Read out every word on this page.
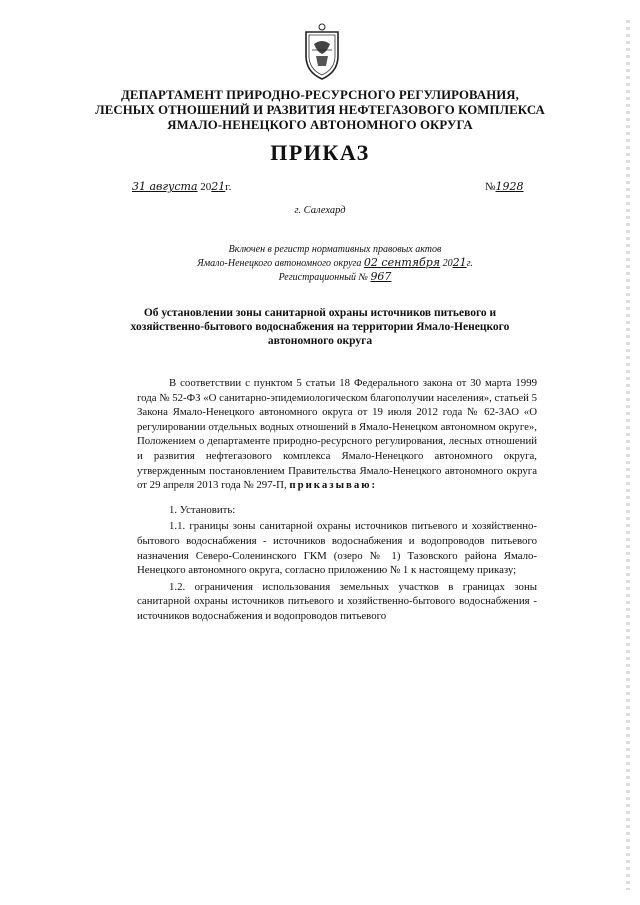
ДЕПАРТАМЕНТ ПРИРОДНО-РЕСУРСНОГО РЕГУЛИРОВАНИЯ,
ЛЕСНЫХ ОТНОШЕНИЙ И РАЗВИТИЯ НЕФТЕГАЗОВОГО КОМПЛЕКСА
ЯМАЛО-НЕНЕЦКОГО АВТОНОМНОГО ОКРУГА
ПРИКАЗ
31 августа 2021г.	№1928
г. Салехард
Включен в регистр нормативных правовых актов
Ямало-Ненецкого автономного округа 02 сентября 2021г.
Регистрационный № 967
Об установлении зоны санитарной охраны источников питьевого и
хозяйственно-бытового водоснабжения на территории Ямало-Ненецкого
автономного округа

В соответствии с пунктом 5 статьи 18 Федерального закона от 30 марта 1999 года № 52-ФЗ «О санитарно-эпидемиологическом благополучии населения», статьей 5 Закона Ямало-Ненецкого автономного округа от 19 июля 2012 года № 62-ЗАО «О регулировании отдельных водных отношений в Ямало-Ненецком автономном округе», Положением о департаменте природно-ресурсного регулирования, лесных отношений и развития нефтегазового комплекса Ямало-Ненецкого автономного округа, утвержденным постановлением Правительства Ямало-Ненецкого автономного округа от 29 апреля 2013 года № 297-П, приказываю:

1. Установить:

1.1. границы зоны санитарной охраны источников питьевого и хозяйственно-бытового водоснабжения - источников водоснабжения и водопроводов питьевого назначения Северо-Соленинского ГКМ (озеро № 1) Тазовского района Ямало-Ненецкого автономного округа, согласно приложению № 1 к настоящему приказу;

1.2. ограничения использования земельных участков в границах зоны санитарной охраны источников питьевого и хозяйственно-бытового водоснабжения - источников водоснабжения и водопроводов питьевого
